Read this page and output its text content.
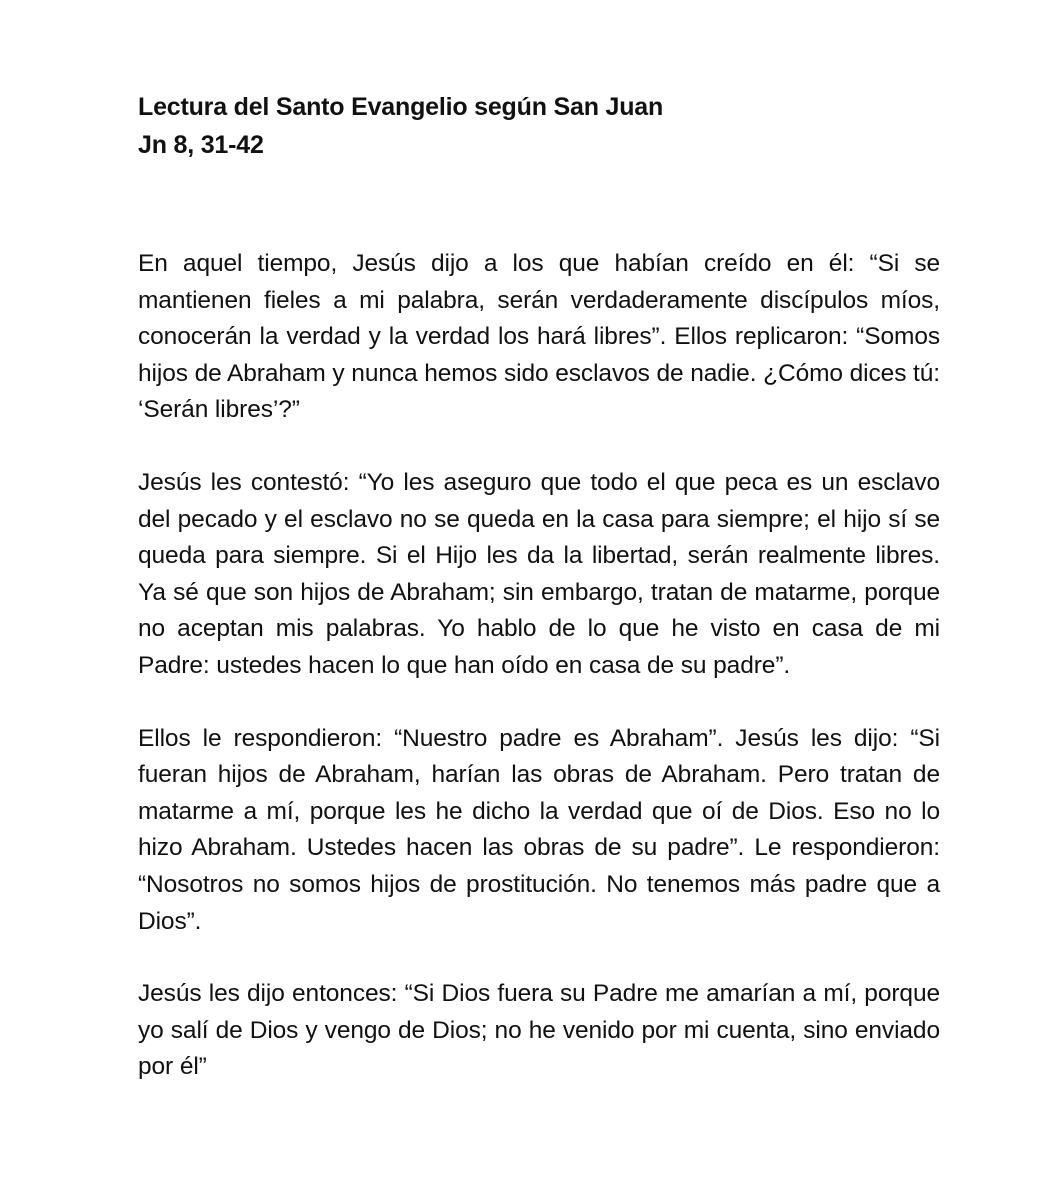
Lectura del Santo Evangelio según San Juan
Jn 8, 31-42

En aquel tiempo, Jesús dijo a los que habían creído en él: “Si se mantienen fieles a mi palabra, serán verdaderamente discípulos míos, conocerán la verdad y la verdad los hará libres”. Ellos replicaron: “Somos hijos de Abraham y nunca hemos sido esclavos de nadie. ¿Cómo dices tú: ‘Serán libres’?”

Jesús les contestó: “Yo les aseguro que todo el que peca es un esclavo del pecado y el esclavo no se queda en la casa para siempre; el hijo sí se queda para siempre. Si el Hijo les da la libertad, serán realmente libres. Ya sé que son hijos de Abraham; sin embargo, tratan de matarme, porque no aceptan mis palabras. Yo hablo de lo que he visto en casa de mi Padre: ustedes hacen lo que han oído en casa de su padre”.

Ellos le respondieron: “Nuestro padre es Abraham”. Jesús les dijo: “Si fueran hijos de Abraham, harían las obras de Abraham. Pero tratan de matarme a mí, porque les he dicho la verdad que oí de Dios. Eso no lo hizo Abraham. Ustedes hacen las obras de su padre”. Le respondieron: “Nosotros no somos hijos de prostitución. No tenemos más padre que a Dios”.

Jesús les dijo entonces: “Si Dios fuera su Padre me amarían a mí, porque yo salí de Dios y vengo de Dios; no he venido por mi cuenta, sino enviado por él”
